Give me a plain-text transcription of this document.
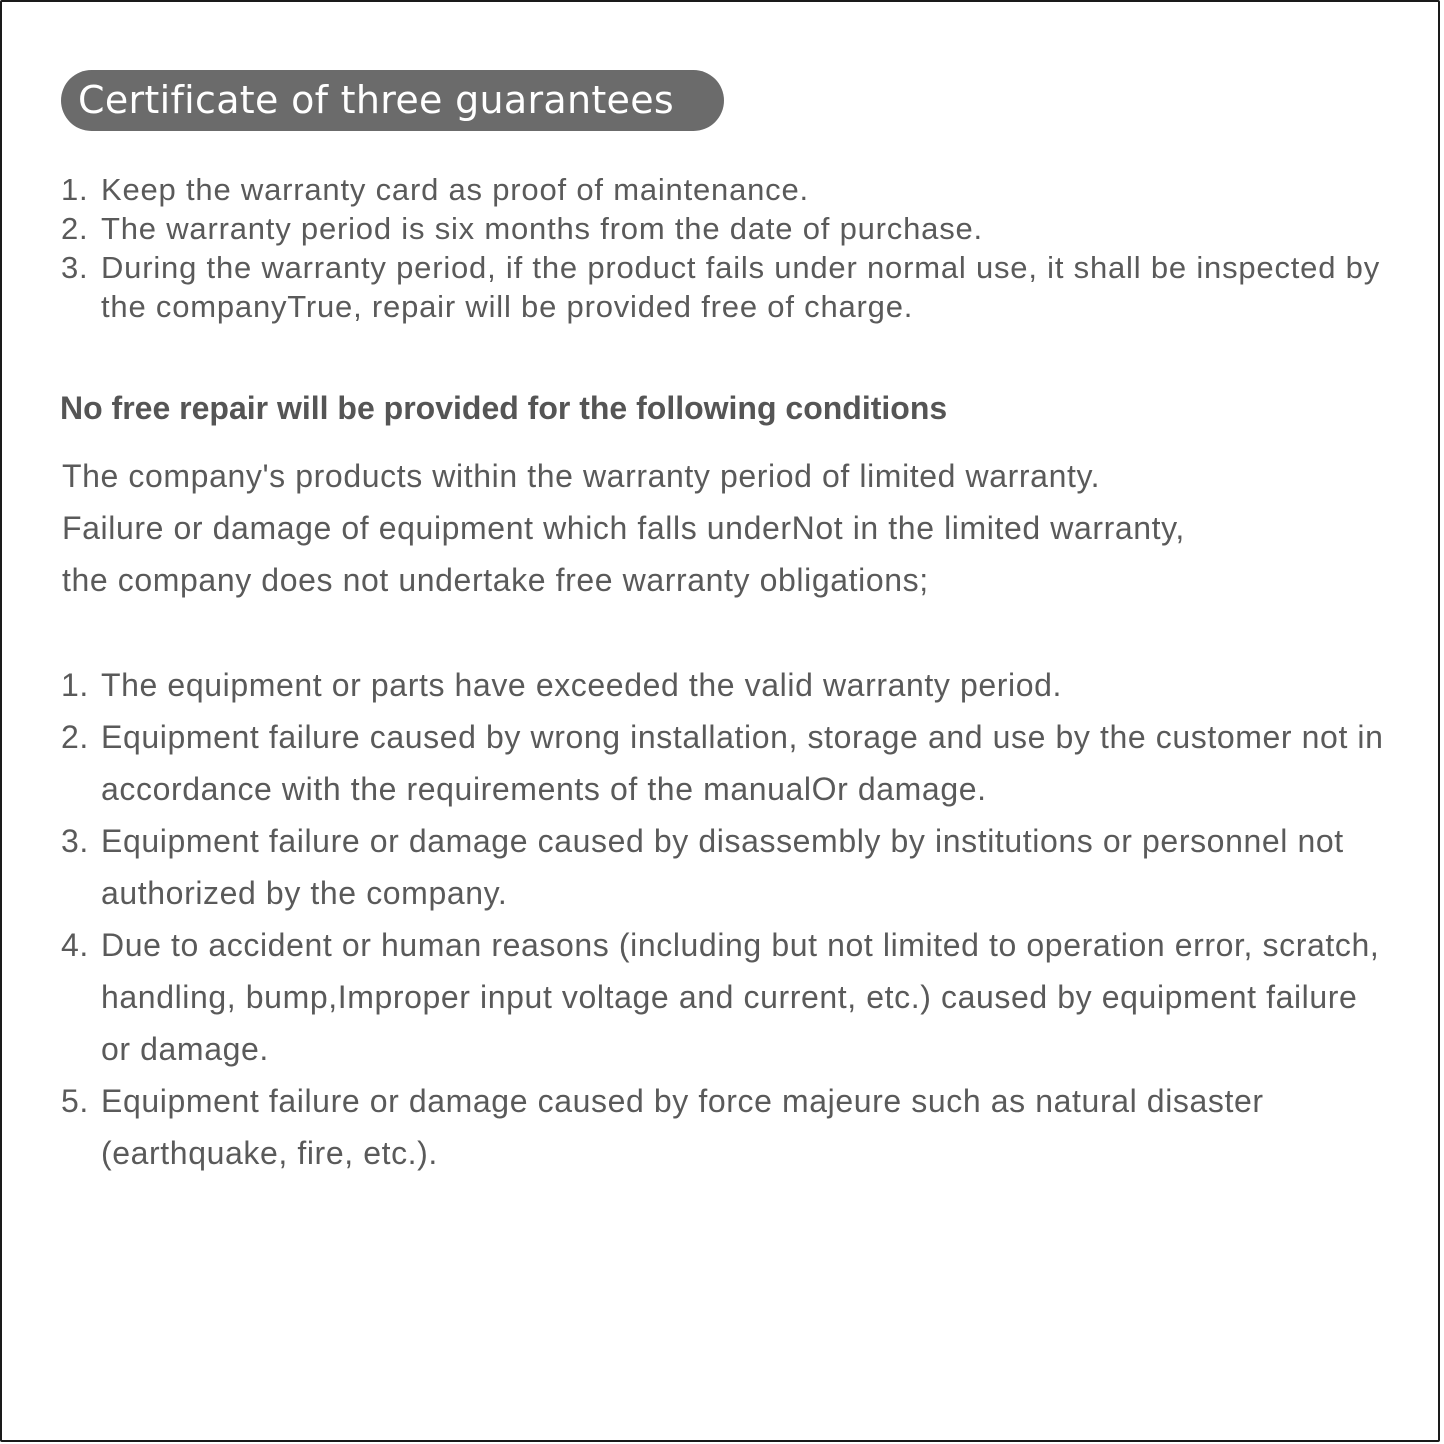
Certificate of three guarantees
1. Keep the warranty card as proof of maintenance.
2. The warranty period is six months from the date of purchase.
3. During the warranty period, if the product fails under normal use, it shall be inspected by the companyTrue, repair will be provided free of charge.
No free repair will be provided for the following conditions
The company's products within the warranty period of limited warranty.
Failure or damage of equipment which falls underNot in the limited warranty,
the company does not undertake free warranty obligations;
1. The equipment or parts have exceeded the valid warranty period.
2. Equipment failure caused by wrong installation, storage and use by the customer not in accordance with the requirements of the manualOr damage.
3. Equipment failure or damage caused by disassembly by institutions or personnel not authorized by the company.
4. Due to accident or human reasons (including but not limited to operation error, scratch, handling, bump,Improper input voltage and current, etc.) caused by equipment failure or damage.
5. Equipment failure or damage caused by force majeure such as natural disaster (earthquake, fire, etc.).
